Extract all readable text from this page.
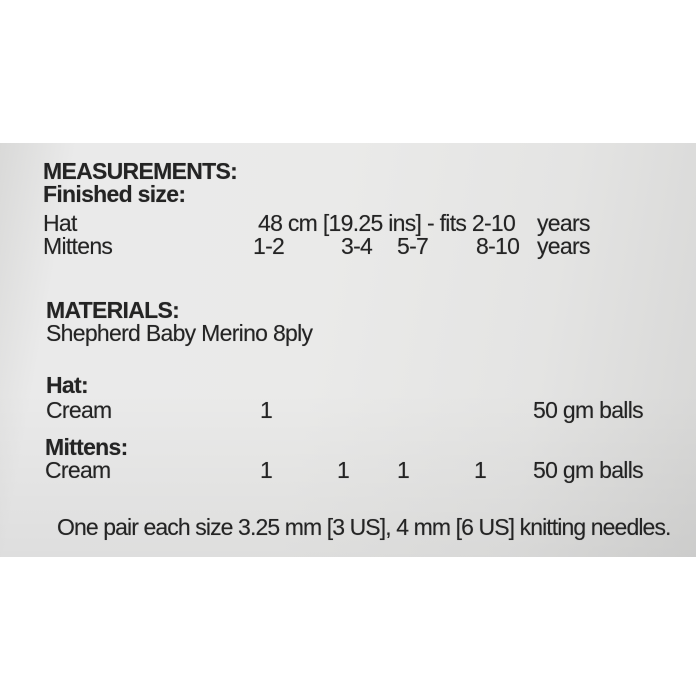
MEASUREMENTS:
Finished size:
Hat	48 cm [19.25 ins] - fits 2-10 years
Mittens	1-2 3-4 5-7 8-10 years
MATERIALS:
Shepherd Baby Merino 8ply
Hat:
Cream	1	50 gm balls
Mittens:
Cream	1	1 1	1 50 gm balls
One pair each size 3.25 mm [3 US], 4 mm [6 US] knitting needles.
